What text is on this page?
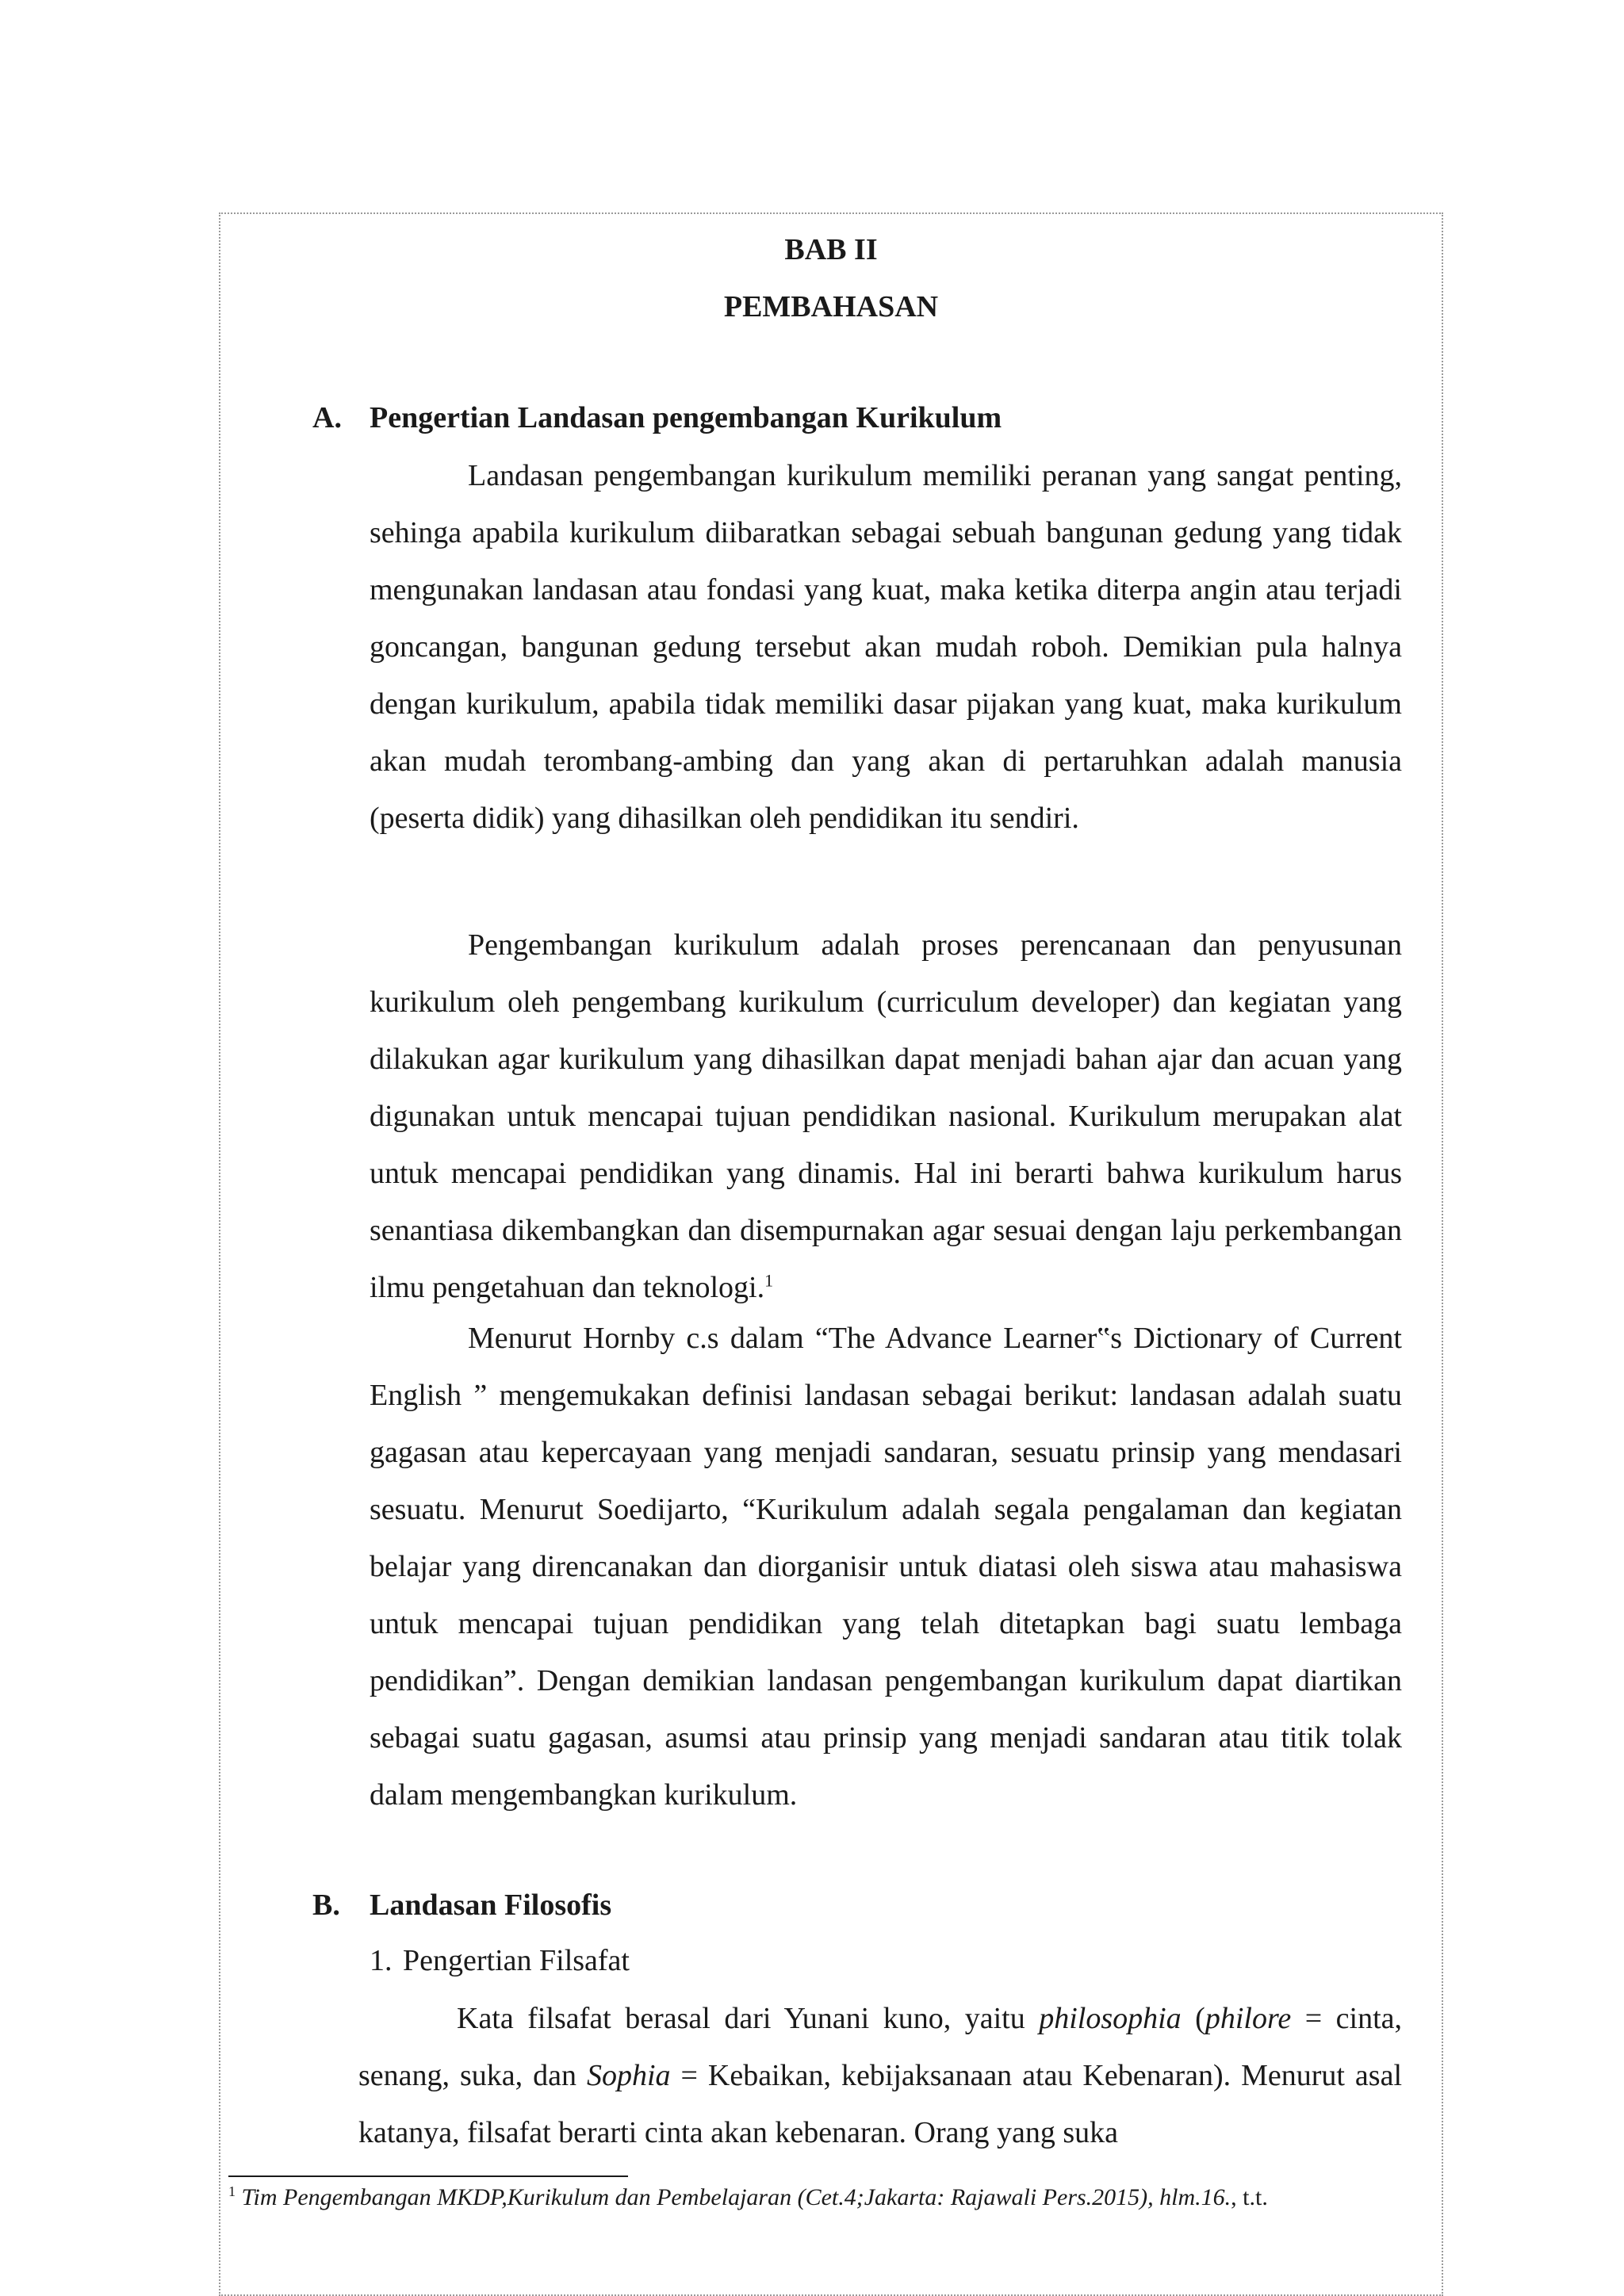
BAB II
PEMBAHASAN
A. Pengertian Landasan pengembangan Kurikulum

Landasan pengembangan kurikulum memiliki peranan yang sangat penting, sehinga apabila kurikulum diibaratkan sebagai sebuah bangunan gedung yang tidak mengunakan landasan atau fondasi yang kuat, maka ketika diterpa angin atau terjadi goncangan, bangunan gedung tersebut akan mudah roboh. Demikian pula halnya dengan kurikulum, apabila tidak memiliki dasar pijakan yang kuat, maka kurikulum akan mudah terombang-ambing dan yang akan di pertaruhkan adalah manusia (peserta didik) yang dihasilkan oleh pendidikan itu sendiri.

Pengembangan kurikulum adalah proses perencanaan dan penyusunan kurikulum oleh pengembang kurikulum (curriculum developer) dan kegiatan yang dilakukan agar kurikulum yang dihasilkan dapat menjadi bahan ajar dan acuan yang digunakan untuk mencapai tujuan pendidikan nasional. Kurikulum merupakan alat untuk mencapai pendidikan yang dinamis. Hal ini berarti bahwa kurikulum harus senantiasa dikembangkan dan disempurnakan agar sesuai dengan laju perkembangan ilmu pengetahuan dan teknologi.$^1$

Menurut Hornby c.s dalam “The Advance Learner‟s Dictionary of Current English ” mengemukakan definisi landasan sebagai berikut: landasan adalah suatu gagasan atau kepercayaan yang menjadi sandaran, sesuatu prinsip yang mendasari sesuatu. Menurut Soedijarto, “Kurikulum adalah segala pengalaman dan kegiatan belajar yang direncanakan dan diorganisir untuk diatasi oleh siswa atau mahasiswa untuk mencapai tujuan pendidikan yang telah ditetapkan bagi suatu lembaga pendidikan”. Dengan demikian landasan pengembangan kurikulum dapat diartikan sebagai suatu gagasan, asumsi atau prinsip yang menjadi sandaran atau titik tolak dalam mengembangkan kurikulum.

B. Landasan Filosofis
1. Pengertian Filsafat

Kata filsafat berasal dari Yunani kuno, yaitu philosophia (philore = cinta, senang, suka, dan Sophia = Kebaikan, kebijaksanaan atau Kebenaran). Menurut asal katanya, filsafat berarti cinta akan kebenaran. Orang yang suka

$^1$ Tim Pengembangan MKDP,Kurikulum dan Pembelajaran (Cet.4;Jakarta: Rajawali Pers.2015), hlm.16., t.t.
